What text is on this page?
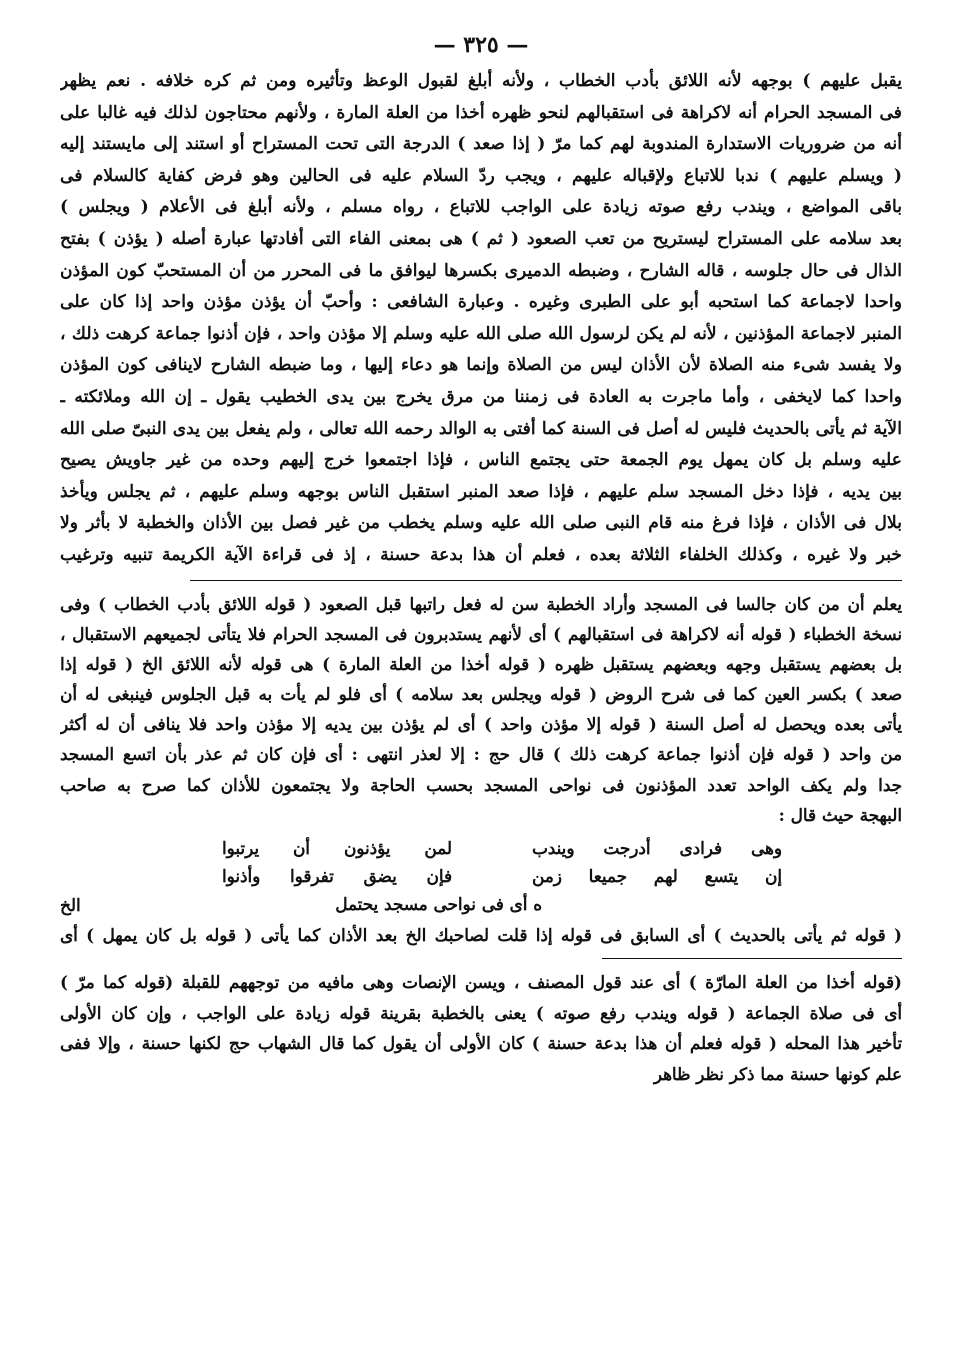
— ٣٢٥ —
يقبل عليهم ) بوجهه لأنه اللائق بأدب الخطاب ، ولأنه أبلغ لقبول الوعظ وتأثيره ومن ثم كره خلافه . نعم يظهر
فى المسجد الحرام أنه لاكراهة فى استقبالهم لنحو ظهره أخذا من العلة المارة ، ولأنهم محتاجون لذلك فيه غالبا على
أنه من ضروريات الاستدارة المندوبة لهم كما مرّ ( إذا صعد ) الدرجة التى تحت المستراح أو استند إلى مايستند إليه
( ويسلم عليهم ) ندبا للاتباع ولإقباله عليهم ، ويجب ردّ السلام عليه فى الحالين وهو فرض كفاية كالسلام فى
باقى المواضع ، ويندب رفع صوته زيادة على الواجب للاتباع ، رواه مسلم ، ولأنه أبلغ فى الأعلام ( ويجلس )
بعد سلامه على المستراح ليستريح من تعب الصعود ( ثم ) هى بمعنى الفاء التى أفادتها عبارة أصله ( يؤذن ) بفتح
الذال فى حال جلوسه ، قاله الشارح ، وضبطه الدميرى بكسرها ليوافق ما فى المحرر من أن المستحبّ كون المؤذن
واحدا لاجماعة كما استحبه أبو على الطبرى وغيره . وعبارة الشافعى : وأحبّ أن يؤذن مؤذن واحد إذا كان على
المنبر لاجماعة المؤذنين ، لأنه لم يكن لرسول الله صلى الله عليه وسلم إلا مؤذن واحد ، فإن أذنوا جماعة كرهت ذلك ،
ولا يفسد شىء منه الصلاة لأن الأذان ليس من الصلاة وإنما هو دعاء إليها ، وما ضبطه الشارح لاينافى كون المؤذن
واحدا كما لايخفى ، وأما ماجرت به العادة فى زمننا من مرق يخرج بين يدى الخطيب يقول ـ إن الله وملائكته ـ
الآية ثم يأتى بالحديث فليس له أصل فى السنة كما أفتى به الوالد رحمه الله تعالى ، ولم يفعل بين يدى النبىّ صلى الله
عليه وسلم بل كان يمهل يوم الجمعة حتى يجتمع الناس ، فإذا اجتمعوا خرج إليهم وحده من غير جاويش يصيح
بين يديه ، فإذا دخل المسجد سلم عليهم ، فإذا صعد المنبر استقبل الناس بوجهه وسلم عليهم ، ثم يجلس ويأخذ
بلال فى الأذان ، فإذا فرغ منه قام النبى صلى الله عليه وسلم يخطب من غير فصل بين الأذان والخطبة لا بأثر ولا
خبر ولا غيره ، وكذلك الخلفاء الثلاثة بعده ، فعلم أن هذا بدعة حسنة ، إذ فى قراءة الآية الكريمة تنبيه وترغيب
يعلم أن من كان جالسا فى المسجد وأراد الخطبة سن له فعل راتبها قبل الصعود ( قوله اللائق بأدب الخطاب ) وفى
نسخة الخطباء ( قوله أنه لاكراهة فى استقبالهم ) أى لأنهم يستدبرون فى المسجد الحرام فلا يتأتى لجميعهم الاستقبال ،
بل بعضهم يستقبل وجهه وبعضهم يستقبل ظهره ( قوله أخذا من العلة المارة ) هى قوله لأنه اللائق الخ ( قوله إذا
صعد ) بكسر العين كما فى شرح الروض ( قوله ويجلس بعد سلامه ) أى فلو لم يأت به قبل الجلوس فينبغى له أن
يأتى بعده ويحصل له أصل السنة ( قوله إلا مؤذن واحد ) أى لم يؤذن بين يديه إلا مؤذن واحد فلا ينافى أن له أكثر
من واحد ( قوله فإن أذنوا جماعة كرهت ذلك ) قال حج : إلا لعذر انتهى : أى فإن كان ثم عذر بأن اتسع المسجد
جدا ولم يكف الواحد تعدد المؤذنون فى نواحى المسجد بحسب الحاجة ولا يجتمعون للأذان كما صرح به صاحب
البهجة حيث قال :
وهى فرادى أدرجت ويندب
لمن يؤذنون أن يرتبوا
إن يتسع لهم جميعا زمن
فإن يضق تفرقوا وأذنوا
ه أى فى نواحى مسجد يحتمل
الخ
( قوله ثم يأتى بالحديث ) أى السابق فى قوله إذا قلت لصاحبك الخ بعد الأذان كما يأتى ( قوله بل كان يمهل ) أى
(قوله أخذا من العلة المارّة ) أى عند قول المصنف ، ويسن الإنصات وهى مافيه من توجههم للقبلة (قوله كما مرّ )
أى فى صلاة الجماعة ( قوله ويندب رفع صوته ) يعنى بالخطبة بقرينة قوله زيادة على الواجب ، وإن كان الأولى
تأخير هذا المحله ( قوله فعلم أن هذا بدعة حسنة ) كان الأولى أن يقول كما قال الشهاب حج لكنها حسنة ، وإلا ففى
علم كونها حسنة مما ذكر نظر ظاهر
